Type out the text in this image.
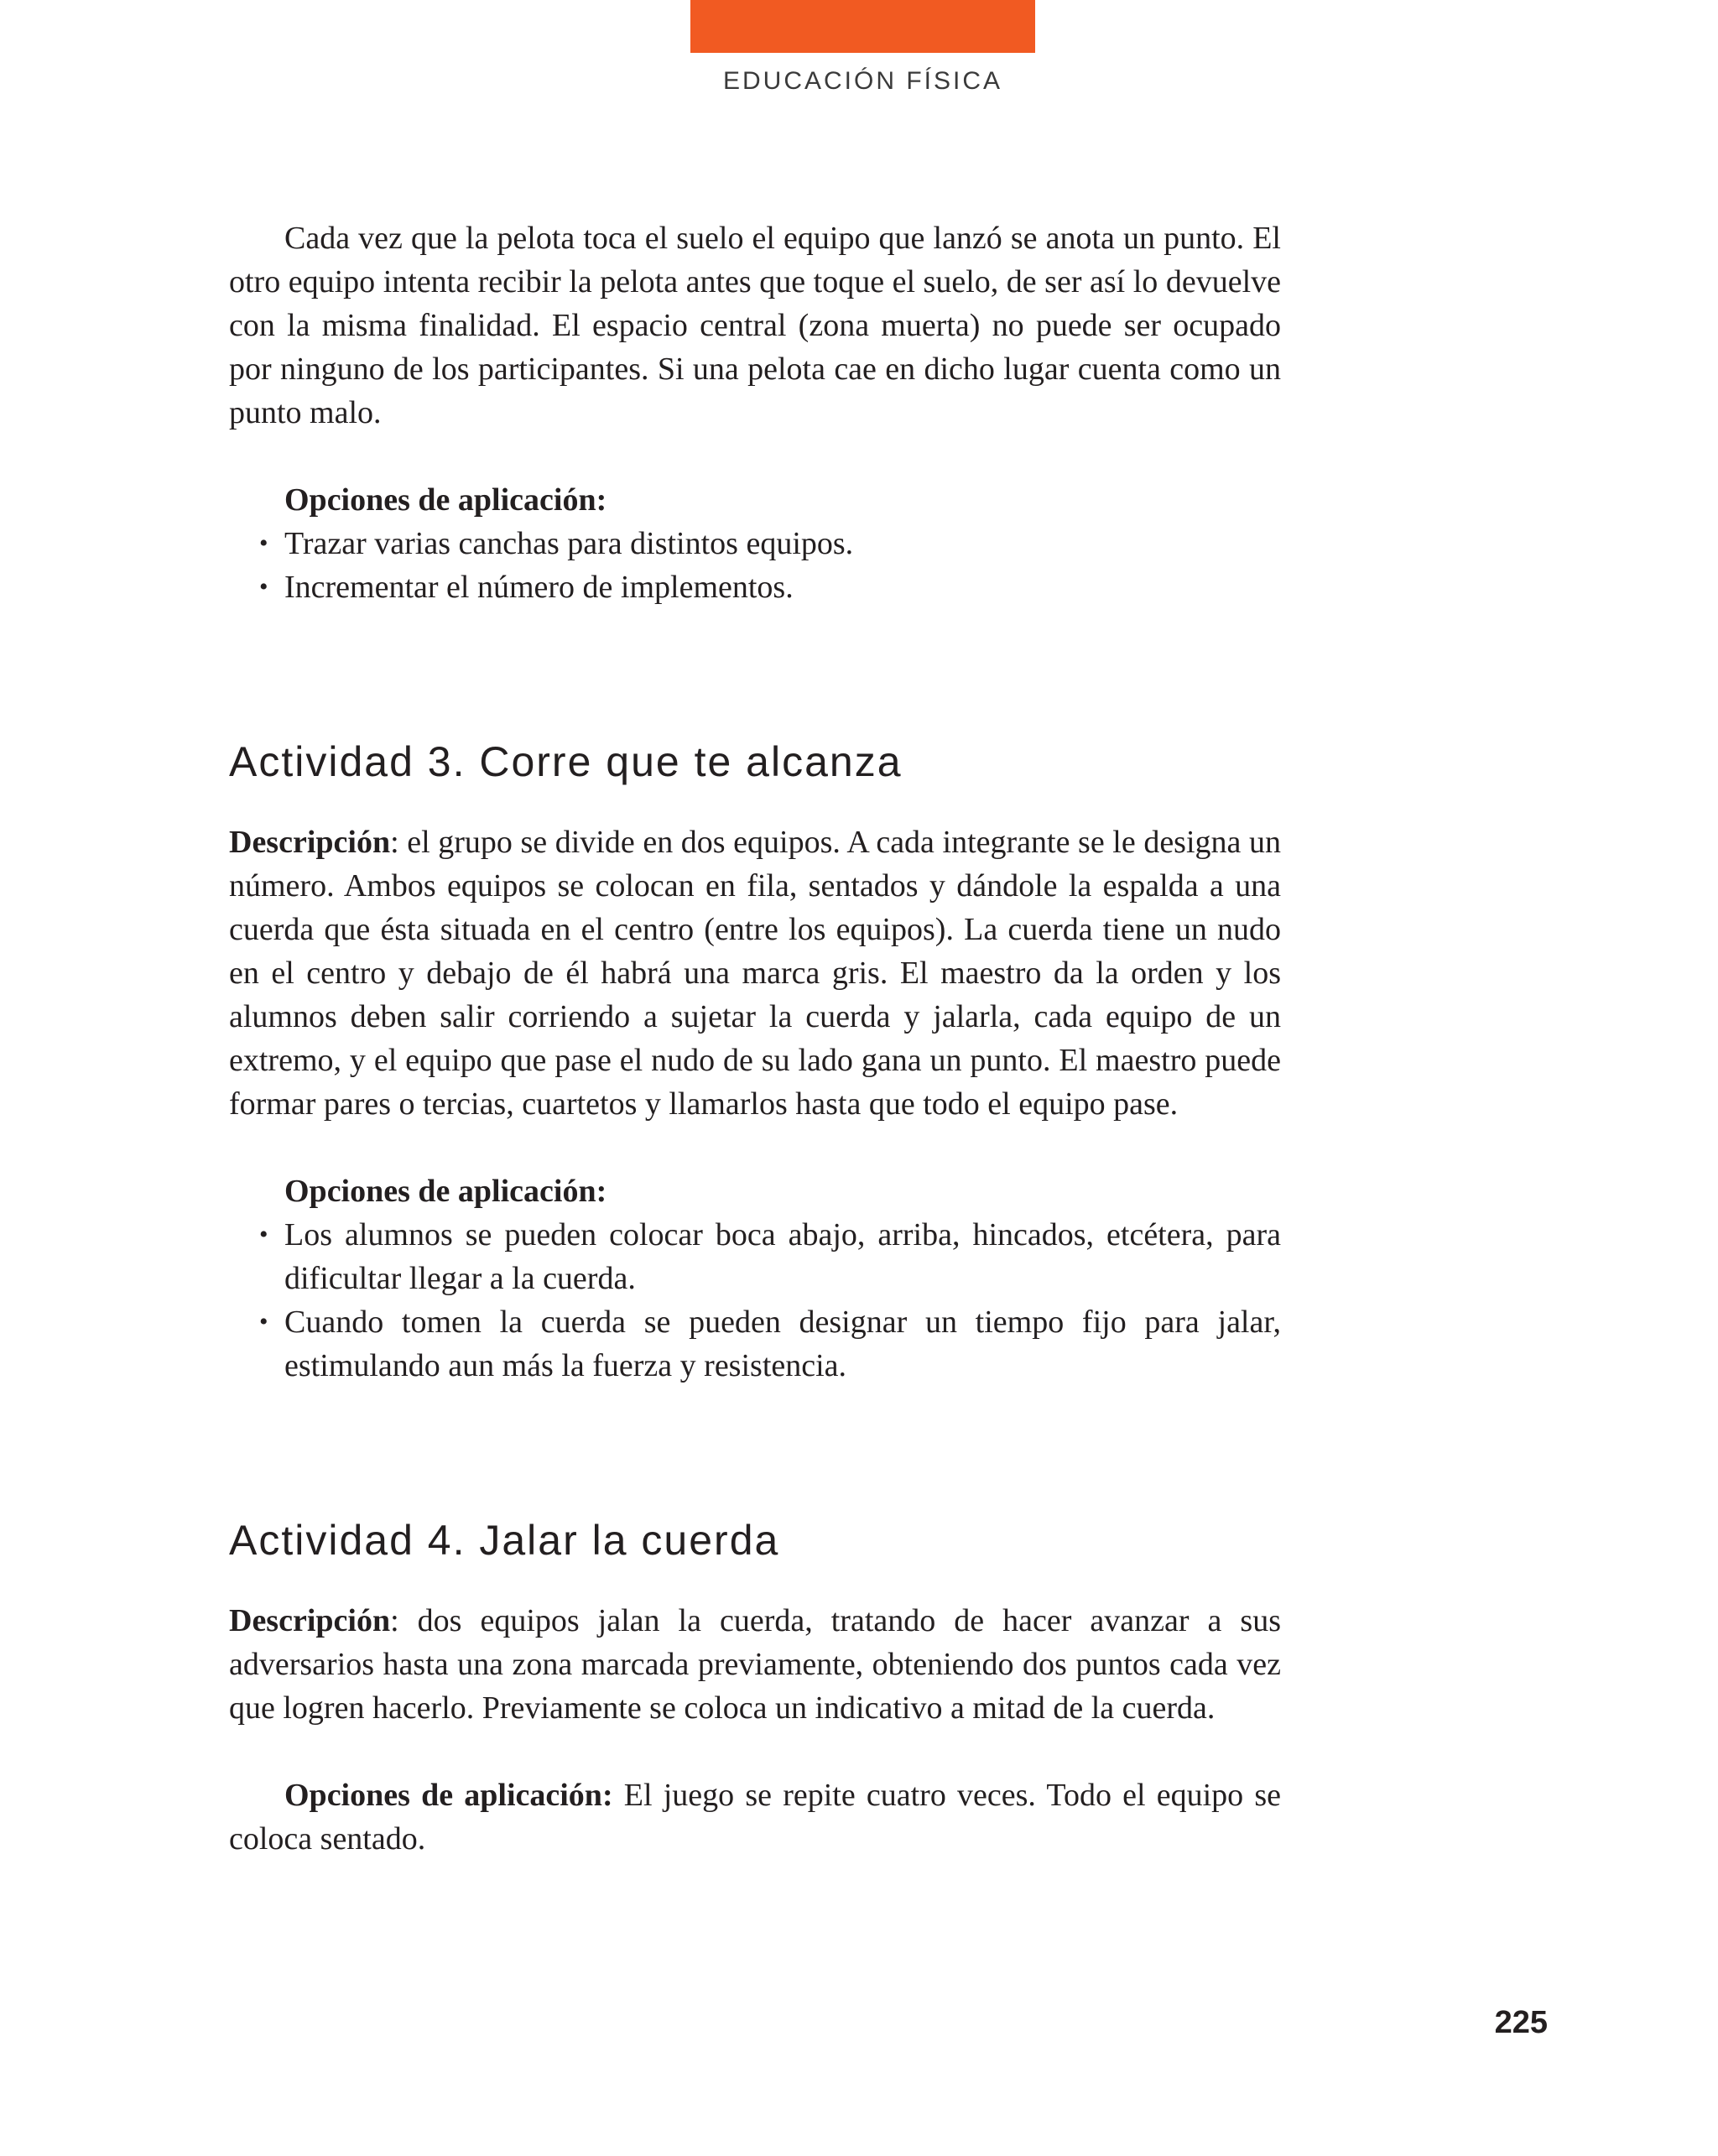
EDUCACIÓN FÍSICA

Cada vez que la pelota toca el suelo el equipo que lanzó se anota un punto. El otro equipo intenta recibir la pelota antes que toque el suelo, de ser así lo devuelve con la misma finalidad. El espacio central (zona muerta) no puede ser ocupado por ninguno de los participantes. Si una pelota cae en dicho lugar cuenta como un punto malo.

Opciones de aplicación:
• Trazar varias canchas para distintos equipos.
• Incrementar el número de implementos.
Actividad 3. Corre que te alcanza

Descripción: el grupo se divide en dos equipos. A cada integrante se le designa un número. Ambos equipos se colocan en fila, sentados y dándole la espalda a una cuerda que ésta situada en el centro (entre los equipos). La cuerda tiene un nudo en el centro y debajo de él habrá una marca gris. El maestro da la orden y los alumnos deben salir corriendo a sujetar la cuerda y jalarla, cada equipo de un extremo, y el equipo que pase el nudo de su lado gana un punto. El maestro puede formar pares o tercias, cuartetos y llamarlos hasta que todo el equipo pase.

Opciones de aplicación:
• Los alumnos se pueden colocar boca abajo, arriba, hincados, etcétera, para dificultar llegar a la cuerda.
• Cuando tomen la cuerda se pueden designar un tiempo fijo para jalar, estimulando aun más la fuerza y resistencia.
Actividad 4. Jalar la cuerda

Descripción: dos equipos jalan la cuerda, tratando de hacer avanzar a sus adversarios hasta una zona marcada previamente, obteniendo dos puntos cada vez que logren hacerlo. Previamente se coloca un indicativo a mitad de la cuerda.

Opciones de aplicación: El juego se repite cuatro veces. Todo el equipo se coloca sentado.

225
